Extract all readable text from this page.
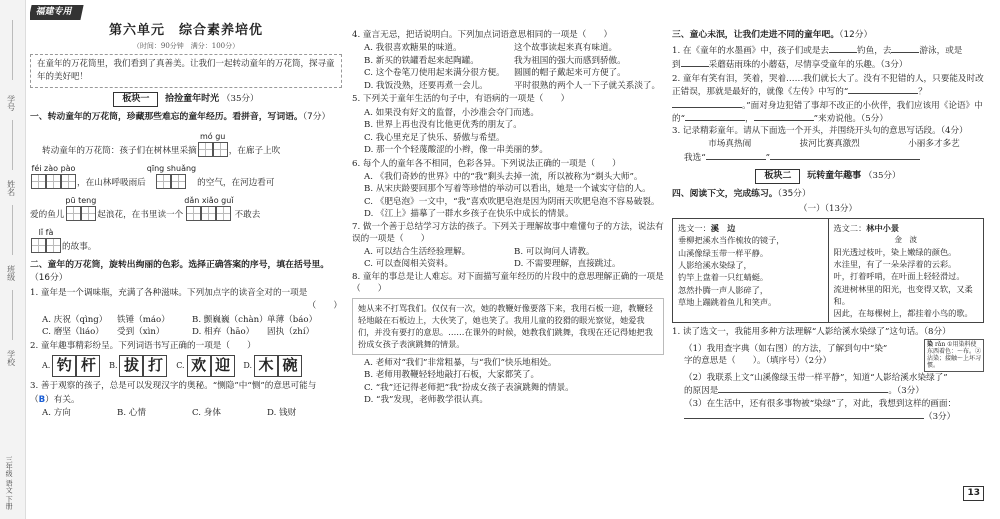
学号
姓名
班级
学校
三年级 语文 下册
福建专用
第六单元　综合素养培优
（时间：90分钟　满分：100分）
在童年的万花筒里，我们看到了真善美。让我们一起转动童年的万花筒，探寻童年的美好吧！
板块一 拾捡童年时光 （35分）
一、转动童年的万花筒，珍藏那些难忘的童年经历。看拼音，写词语。（7分）
转动童年的万花筒：孩子们在树林里采摘
mó gu
，在廊子上吹
féi zào pào
，在山林呼吸雨后
qīng shuǎng
的空气，在河边看可
爱的鱼儿
pū teng
起浪花，在书里读一个
dǎn xiǎo guǐ
不敢去
lǐ fà
的故事。
二、童年的万花筒，旋转出绚丽的色彩。选择正确答案的序号，填在括号里。（16分）
1. 童年是一个调味瓶，充满了各种滋味。下列加点字的读音全对的一项是
（　　）
A. 庆祝（qìng）	铁锤（máo）	B. 颤巍巍（chàn） 单薄（báo）
C. 磨坚（liáo）	受到（xìn）	D. 相弃（hāo）	固执（zhí）
2. 童年趣事精彩纷呈。下列词语书写正确的一项是（　　）
A. 钓 杆
	B. 拔 打
	C. 欢 迎
	D. 木 碗
3. 善于观察的孩子，总是可以发现汉字的奥秘。“恻隐”中“恻”的意思可能与
（B）有关。
A. 方向	B. 心情	C. 身体	D. 钱财
4. 童言无忌，把话说明白。下列加点词语意思相同的一项是（　　）
A. 我很喜欢糖果的味道。	这个故事读起来真有味道。
B. 新买的铁罐看起来起陶罐。	我为祖国的强大而感到骄傲。
C. 这个卷笔刀使用起来满分很方便。	圆圆的帽子戴起来可方便了。
D. 我饭没熟，还要再煮一会儿。	平时很熟的两个人一下子就关系淡了。
5. 下列关于童年生活的句子中，有语病的一项是（　　）
A. 如果没有好文的监督，小沙准会夺门而逃。
B. 世界上再也没有比他更优秀的朋友了。
C. 我心里充足了快乐、骄傲与希望。
D. 那一个个轻蔑酸涩的小辫，像一串美丽的梦。
6. 每个人的童年各不相同，色彩各异。下列说法正确的一项是（　　）
A. 《我们奇妙的世界》中的“我”剩头去掉一流，所以被称为“剃头大师”。
B. 从宋庆龄要回那个写着等珍惜的举动可以看出，她是一个诚实守信的人。
C. 《肥皂泡》一文中，“我”喜欢吹肥皂泡是因为阴雨天吹肥皂泡不容易破裂。
D. 《江上》描摹了一群水乡孩子在快乐中成长的情景。
7. 做一个善于总结学习方法的孩子。下列关于理解故事中难懂句子的方法，说法有误的一项是（　　）
A. 可以结合生活经验理解。	B. 可以询问人请教。
C. 可以查阅相关资料。	D. 不需要理解，直接跳过。
8. 童年的事总是让人难忘。对下面描写童年经历的片段中的意思理解正确的一项是（　　）
她从来不打骂我们。仅仅有一次，她的教鞭好像要落下来，我用石板一迎，教鞭轻轻地敲在石板边上，大伙笑了，她也笑了。我用儿童的狡猾的眼光察觉，她爱我们，并没有要打的意思。……在课外的时候，她教我们跳舞，我现在还记得她把我扮成女孩子表演跳舞的情景。
A. 老师对“我们”非常粗暴，与“我们”快乐地相处。
B. 老师用教鞭轻轻地敲打石板，大家都笑了。
C. “我”还记得老师把“我”扮成女孩子表演跳舞的情景。
D. “我”发现，老师教学很认真。
三、童心未泯，让我们走进不同的童年吧。（12分）
1. 在《童年的水墨画》中，孩子们或是去	钓鱼，去	游泳，或是
到	采蘑菇雨珠的小蘑菇，尽情享受童年的乐趣。（3分）
2. 童年有笑有泪，笑着，哭着……我们就长大了。没有不犯错的人，只要能及时改正错误，那就是最好的，就像《左传》中写的“	？。”面对身边犯错了事却不改正的小伙伴，我们应该用《论语》中的“	，	”来劝说他。（5分）
3. 记录精彩童年。请从下面选一个开头，并围绕开头句的意思写话段。（4分）
市场真热闹	拔河比赛真激烈	小丽多才多艺
我选“	”
板块二 玩转童年趣事 （35分）
四、阅读下文，完成练习。（35分）
（一）（13分）
选文一：溪　边
垂柳把溪水当作梳妆的镜子，
山溪像绿玉带一样平静。
人影给溪水染绿了，
钓竿上盘着一只红蜻蜓。
忽然扑腾一声人影碎了，
草地上蹦跳着鱼儿和笑声。
选文二：林中小景
金　波
阳光透过枝叶，染上嫩绿的颜色。
水洼里，有了一朵朵浮着的云彩。
叶，打着呼哨，在叶面上轻轻滑过。
流进树林里的阳光，也变得又软，又柔和。
因此，在每棵树上，都挂着小鸟的歌。
1. 读了选文一，我能用多种方法理解“人影给溪水染绿了”这句话。（8分）
（1）我用查字典（如右图）的方法，了解到句中“染”
字的意思是（　　）。（填序号）（2分）
染 rǎn ①用染料使东西着色：～布。②沾染；接触～上坏习惯。
（2）我联系上文“山溪像绿玉带一样平静”，知道“人影给溪水染绿了”
的原因是	。（3分）
（3）在生活中，还有很多事物被“染绿”了，对此，我想到这样的画面：
（3分）
13
